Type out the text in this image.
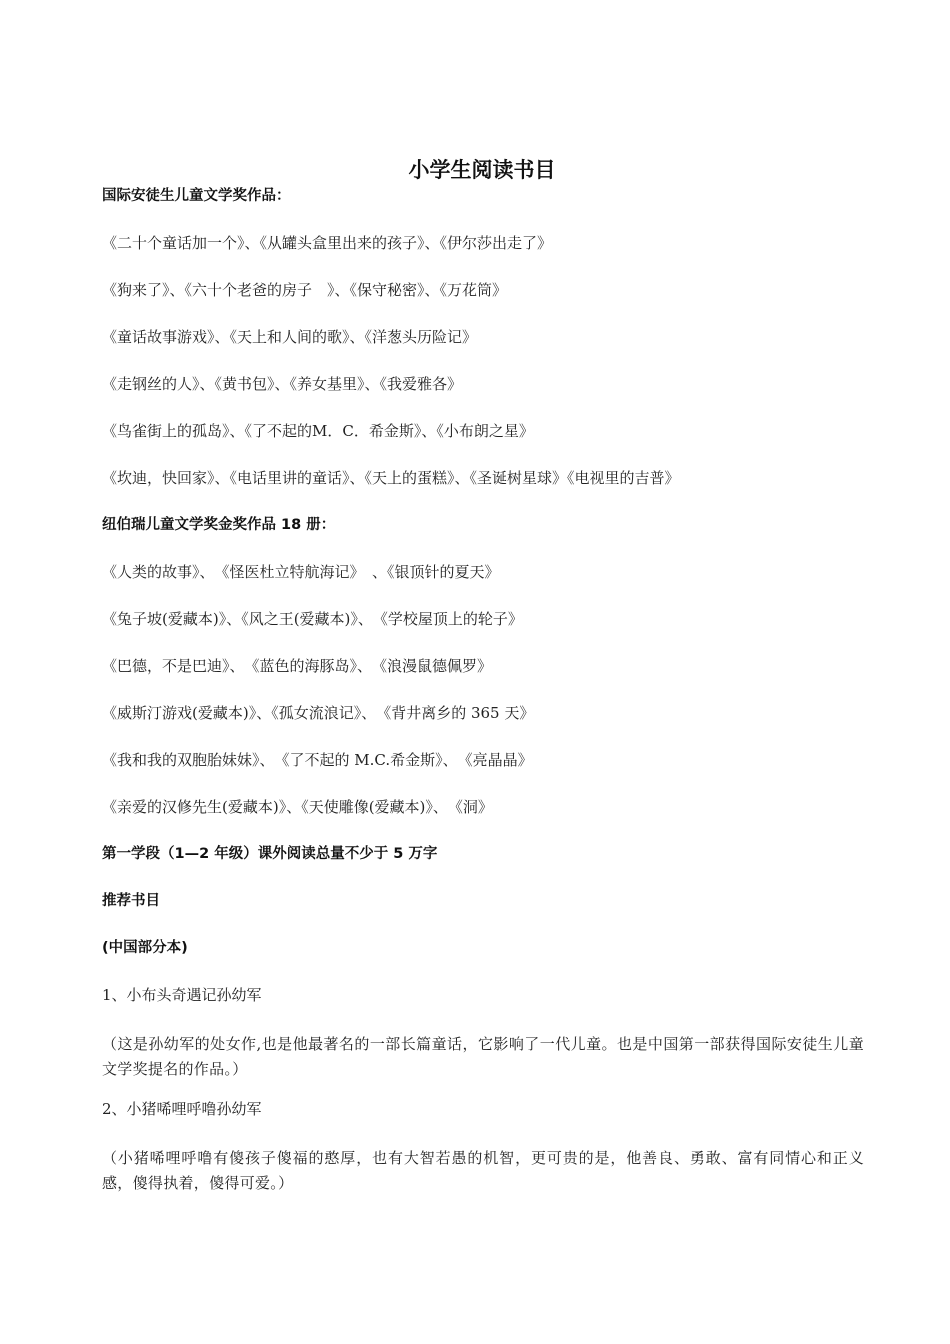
小学生阅读书目
国际安徒生儿童文学奖作品：
《二十个童话加一个》、《从罐头盒里出来的孩子》、《伊尔莎出走了》
《狗来了》、《六十个老爸的房子　》、《保守秘密》、《万花筒》
《童话故事游戏》、《天上和人间的歌》、《洋葱头历险记》
《走钢丝的人》、《黄书包》、《养女基里》、《我爱雅各》
《鸟雀街上的孤岛》、《了不起的M．C．希金斯》、《小布朗之星》
《坎迪，快回家》、《电话里讲的童话》、《天上的蛋糕》、《圣诞树星球》《电视里的吉普》
纽伯瑞儿童文学奖金奖作品 18 册：
《人类的故事》、　《怪医杜立特航海记》　、《银顶针的夏天》
《兔子坡(爱藏本)》、《风之王(爱藏本)》、　《学校屋顶上的轮子》
《巴德，不是巴迪》、　《蓝色的海豚岛》、　《浪漫鼠德佩罗》
《威斯汀游戏(爱藏本)》、《孤女流浪记》、　《背井离乡的 365 天》
《我和我的双胞胎妹妹》、　《了不起的 M.C.希金斯》、　《亮晶晶》
《亲爱的汉修先生(爱藏本)》、《天使雕像(爱藏本)》、　《洞》
第一学段（1—2 年级）课外阅读总量不少于 5 万字
推荐书目
(中国部分本)
1、小布头奇遇记孙幼军
（这是孙幼军的处女作,也是他最著名的一部长篇童话，它影响了一代儿童。也是中国第一部获得国际安徒生儿童文学奖提名的作品。）
2、小猪唏哩呼噜孙幼军
（小猪唏哩呼噜有傻孩子傻福的憨厚，也有大智若愚的机智，更可贵的是，他善良、勇敢、富有同情心和正义感，傻得执着，傻得可爱。）
